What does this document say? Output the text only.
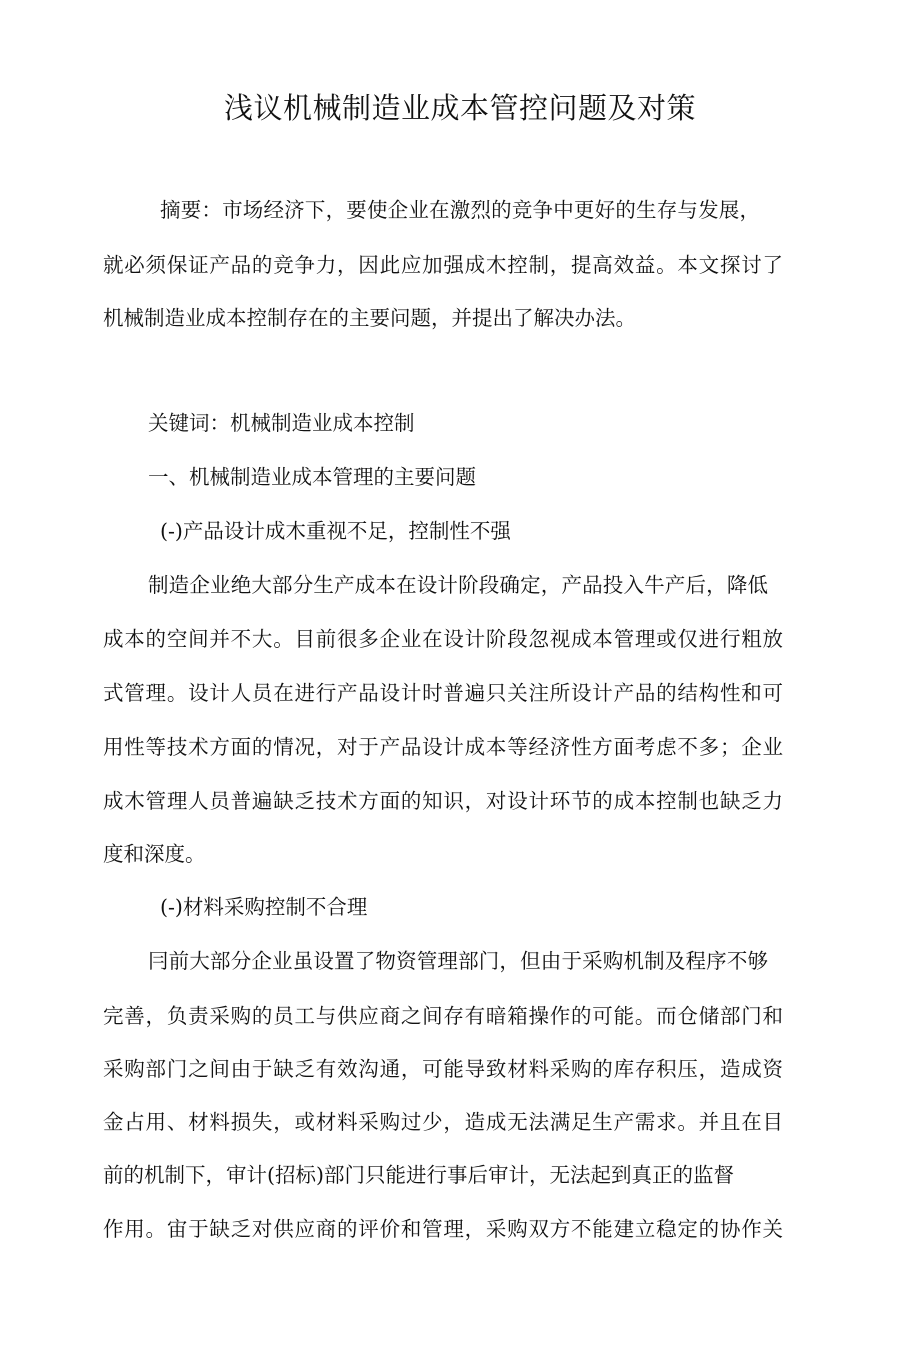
浅议机械制造业成本管控问题及对策

摘要：市场经济下，要使企业在激烈的竞争中更好的生存与发展，

就必须保证产品的竞争力，因此应加强成木控制，提高效益。本文探讨了

机械制造业成本控制存在的主要问题，并提出了解决办法。

关键词：机械制造业成本控制

一、机械制造业成本管理的主要问题

(-)产品设计成木重视不足，控制性不强

制造企业绝大部分生产成本在设计阶段确定，产品投入牛产后，降低

成本的空间并不大。目前很多企业在设计阶段忽视成本管理或仅进行粗放

式管理。设计人员在进行产品设计时普遍只关注所设计产品的结构性和可

用性等技术方面的情况，对于产品设计成本等经济性方面考虑不多；企业

成木管理人员普遍缺乏技术方面的知识，对设计环节的成本控制也缺乏力

度和深度。

(-)材料采购控制不合理

冃前大部分企业虽设置了物资管理部门，但由于采购机制及程序不够

完善，负责采购的员工与供应商之间存有暗箱操作的可能。而仓储部门和

采购部门之间由于缺乏有效沟通，可能导致材料采购的库存积压，造成资

金占用、材料损失，或材料采购过少，造成无法满足生产需求。并且在目

前的机制下，审计(招标)部门只能进行事后审计，无法起到真正的监督

作用。宙于缺乏对供应商的评价和管理，采购双方不能建立稳定的协作关
